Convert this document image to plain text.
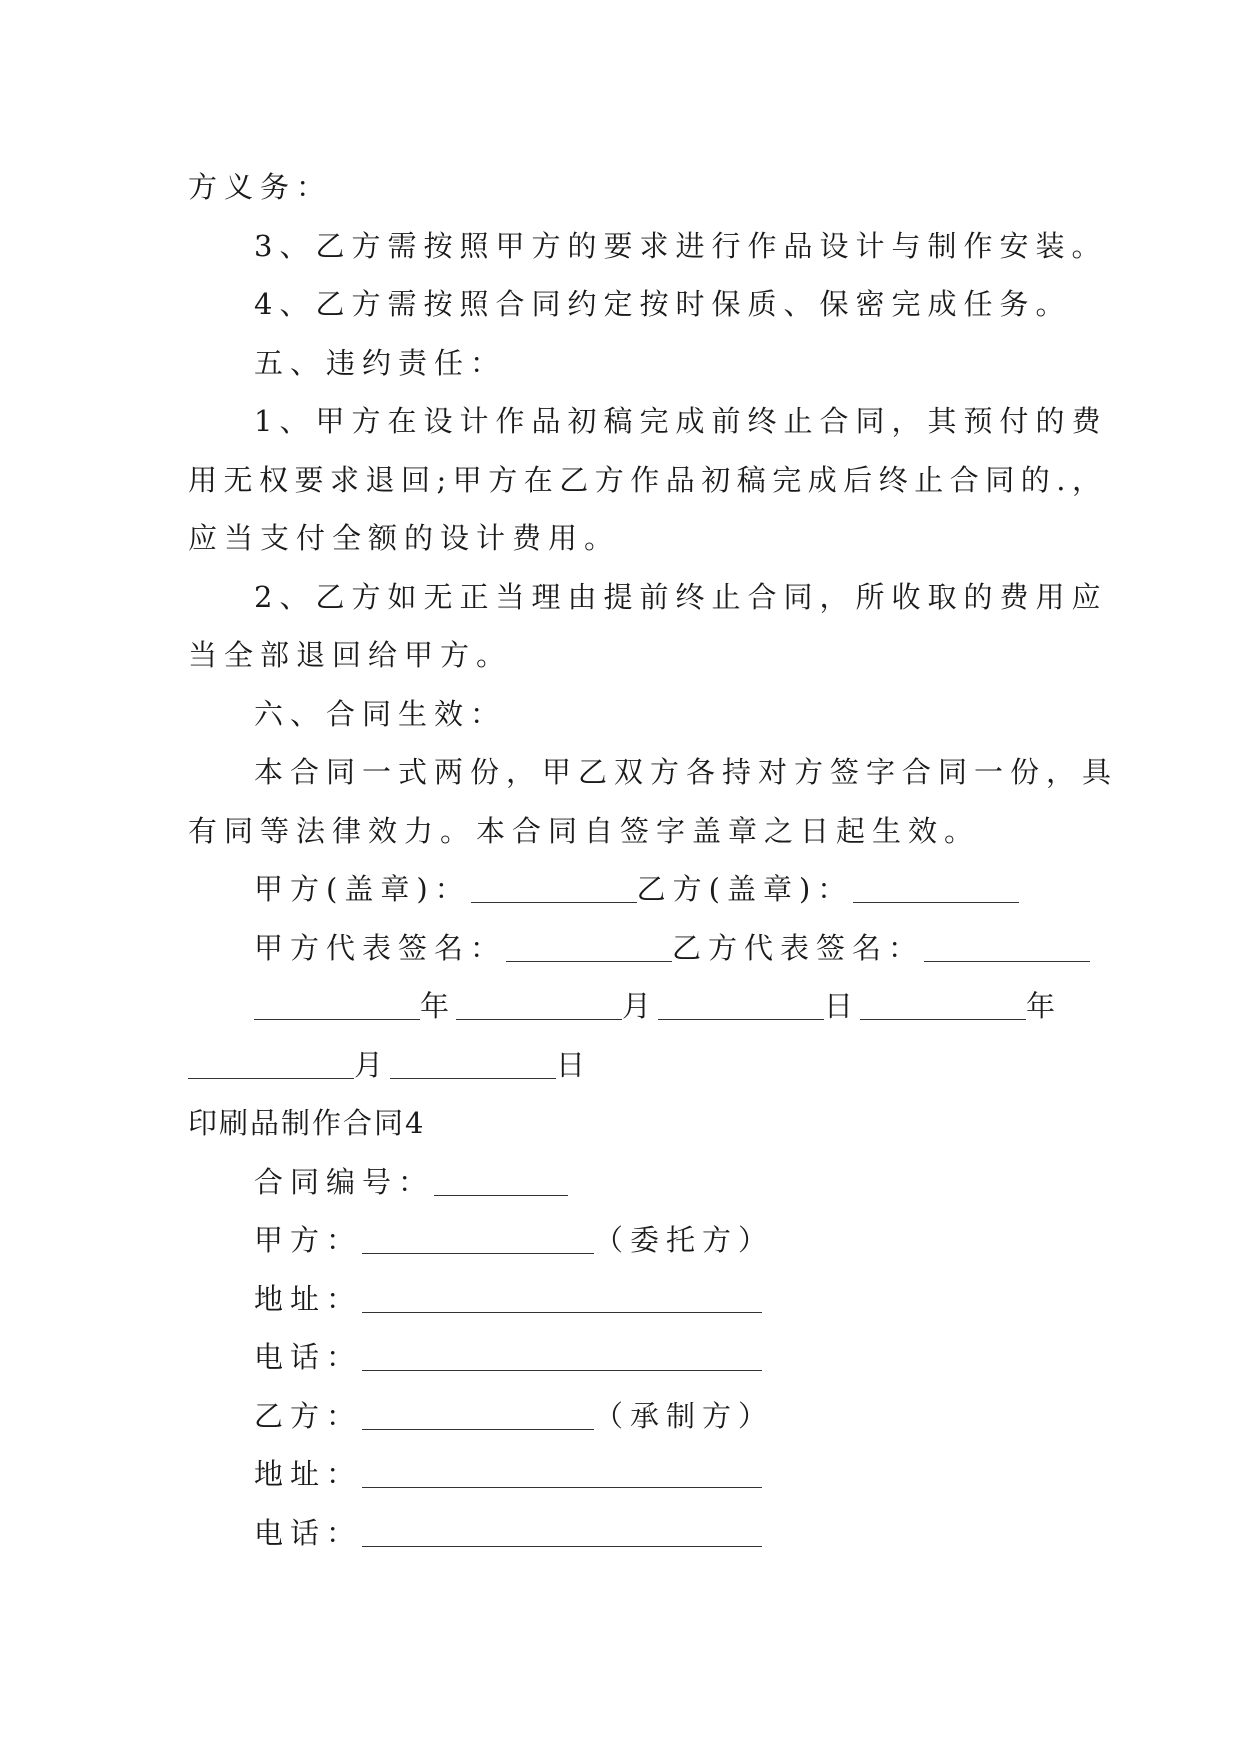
方义务：
3、乙方需按照甲方的要求进行作品设计与制作安装。
4、乙方需按照合同约定按时保质、保密完成任务。
五、违约责任：
1、甲方在设计作品初稿完成前终止合同，其预付的费
用无权要求退回;甲方在乙方作品初稿完成后终止合同的.，
应当支付全额的设计费用。
2、乙方如无正当理由提前终止合同，所收取的费用应
当全部退回给甲方。
六、合同生效：
本合同一式两份，甲乙双方各持对方签字合同一份，具
有同等法律效力。本合同自签字盖章之日起生效。
甲方(盖章)：	乙方(盖章)：
甲方代表签名：	乙方代表签名：
年	月	日	年
月	日
印刷品制作合同4
合同编号：
甲方：	（委托方）
地址：
电话：
乙方：	（承制方）
地址：
电话：
